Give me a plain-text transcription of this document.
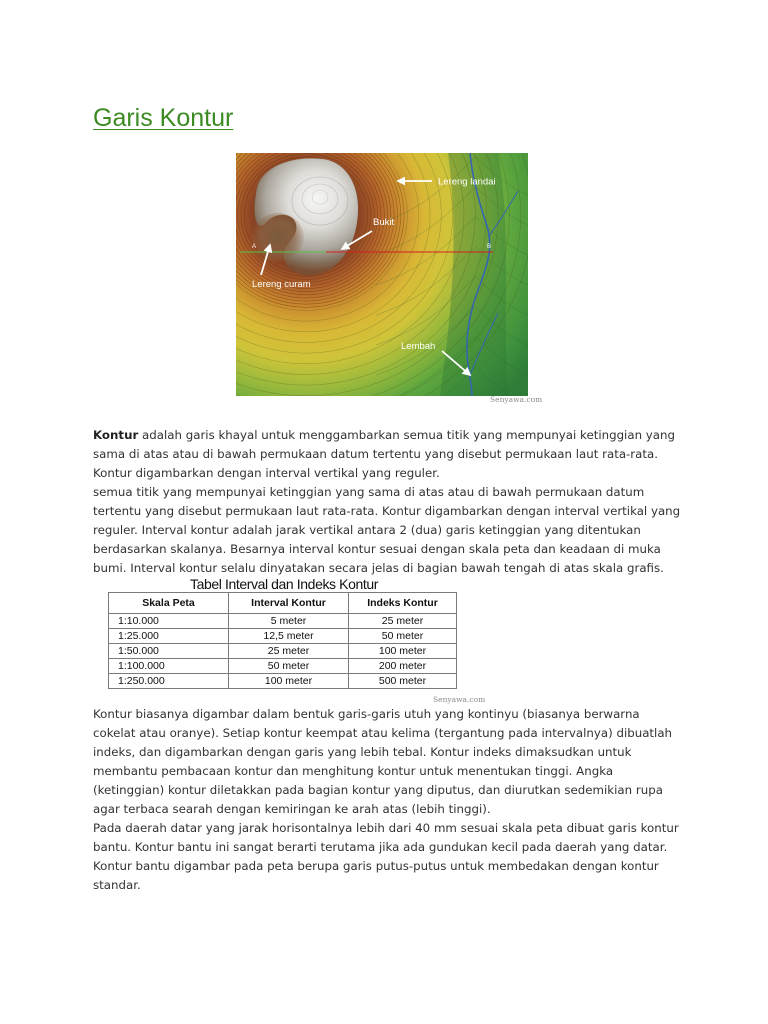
Garis Kontur
A	B
Lereng landai
Bukit
Lereng curam
Lembah
Senyawa.com
Kontur adalah garis khayal untuk menggambarkan semua titik yang mempunyai ketinggian yang
sama di atas atau di bawah permukaan datum tertentu yang disebut permukaan laut rata-rata.
Kontur digambarkan dengan interval vertikal yang reguler.
semua titik yang mempunyai ketinggian yang sama di atas atau di bawah permukaan datum
tertentu yang disebut permukaan laut rata-rata. Kontur digambarkan dengan interval vertikal yang
reguler. Interval kontur adalah jarak vertikal antara 2 (dua) garis ketinggian yang ditentukan
berdasarkan skalanya. Besarnya interval kontur sesuai dengan skala peta dan keadaan di muka
bumi. Interval kontur selalu dinyatakan secara jelas di bagian bawah tengah di atas skala grafis.
Tabel Interval dan Indeks Kontur
Skala Peta	Interval Kontur	Indeks Kontur
1:10.000	5 meter	25 meter
1:25.000	12,5 meter	50 meter
1:50.000	25 meter	100 meter
1:100.000	50 meter	200 meter
1:250.000	100 meter	500 meter
Senyawa.com
Kontur biasanya digambar dalam bentuk garis-garis utuh yang kontinyu (biasanya berwarna
cokelat atau oranye). Setiap kontur keempat atau kelima (tergantung pada intervalnya) dibuatlah
indeks, dan digambarkan dengan garis yang lebih tebal. Kontur indeks dimaksudkan untuk
membantu pembacaan kontur dan menghitung kontur untuk menentukan tinggi. Angka
(ketinggian) kontur diletakkan pada bagian kontur yang diputus, dan diurutkan sedemikian rupa
agar terbaca searah dengan kemiringan ke arah atas (lebih tinggi).
Pada daerah datar yang jarak horisontalnya lebih dari 40 mm sesuai skala peta dibuat garis kontur
bantu. Kontur bantu ini sangat berarti terutama jika ada gundukan kecil pada daerah yang datar.
Kontur bantu digambar pada peta berupa garis putus-putus untuk membedakan dengan kontur
standar.
